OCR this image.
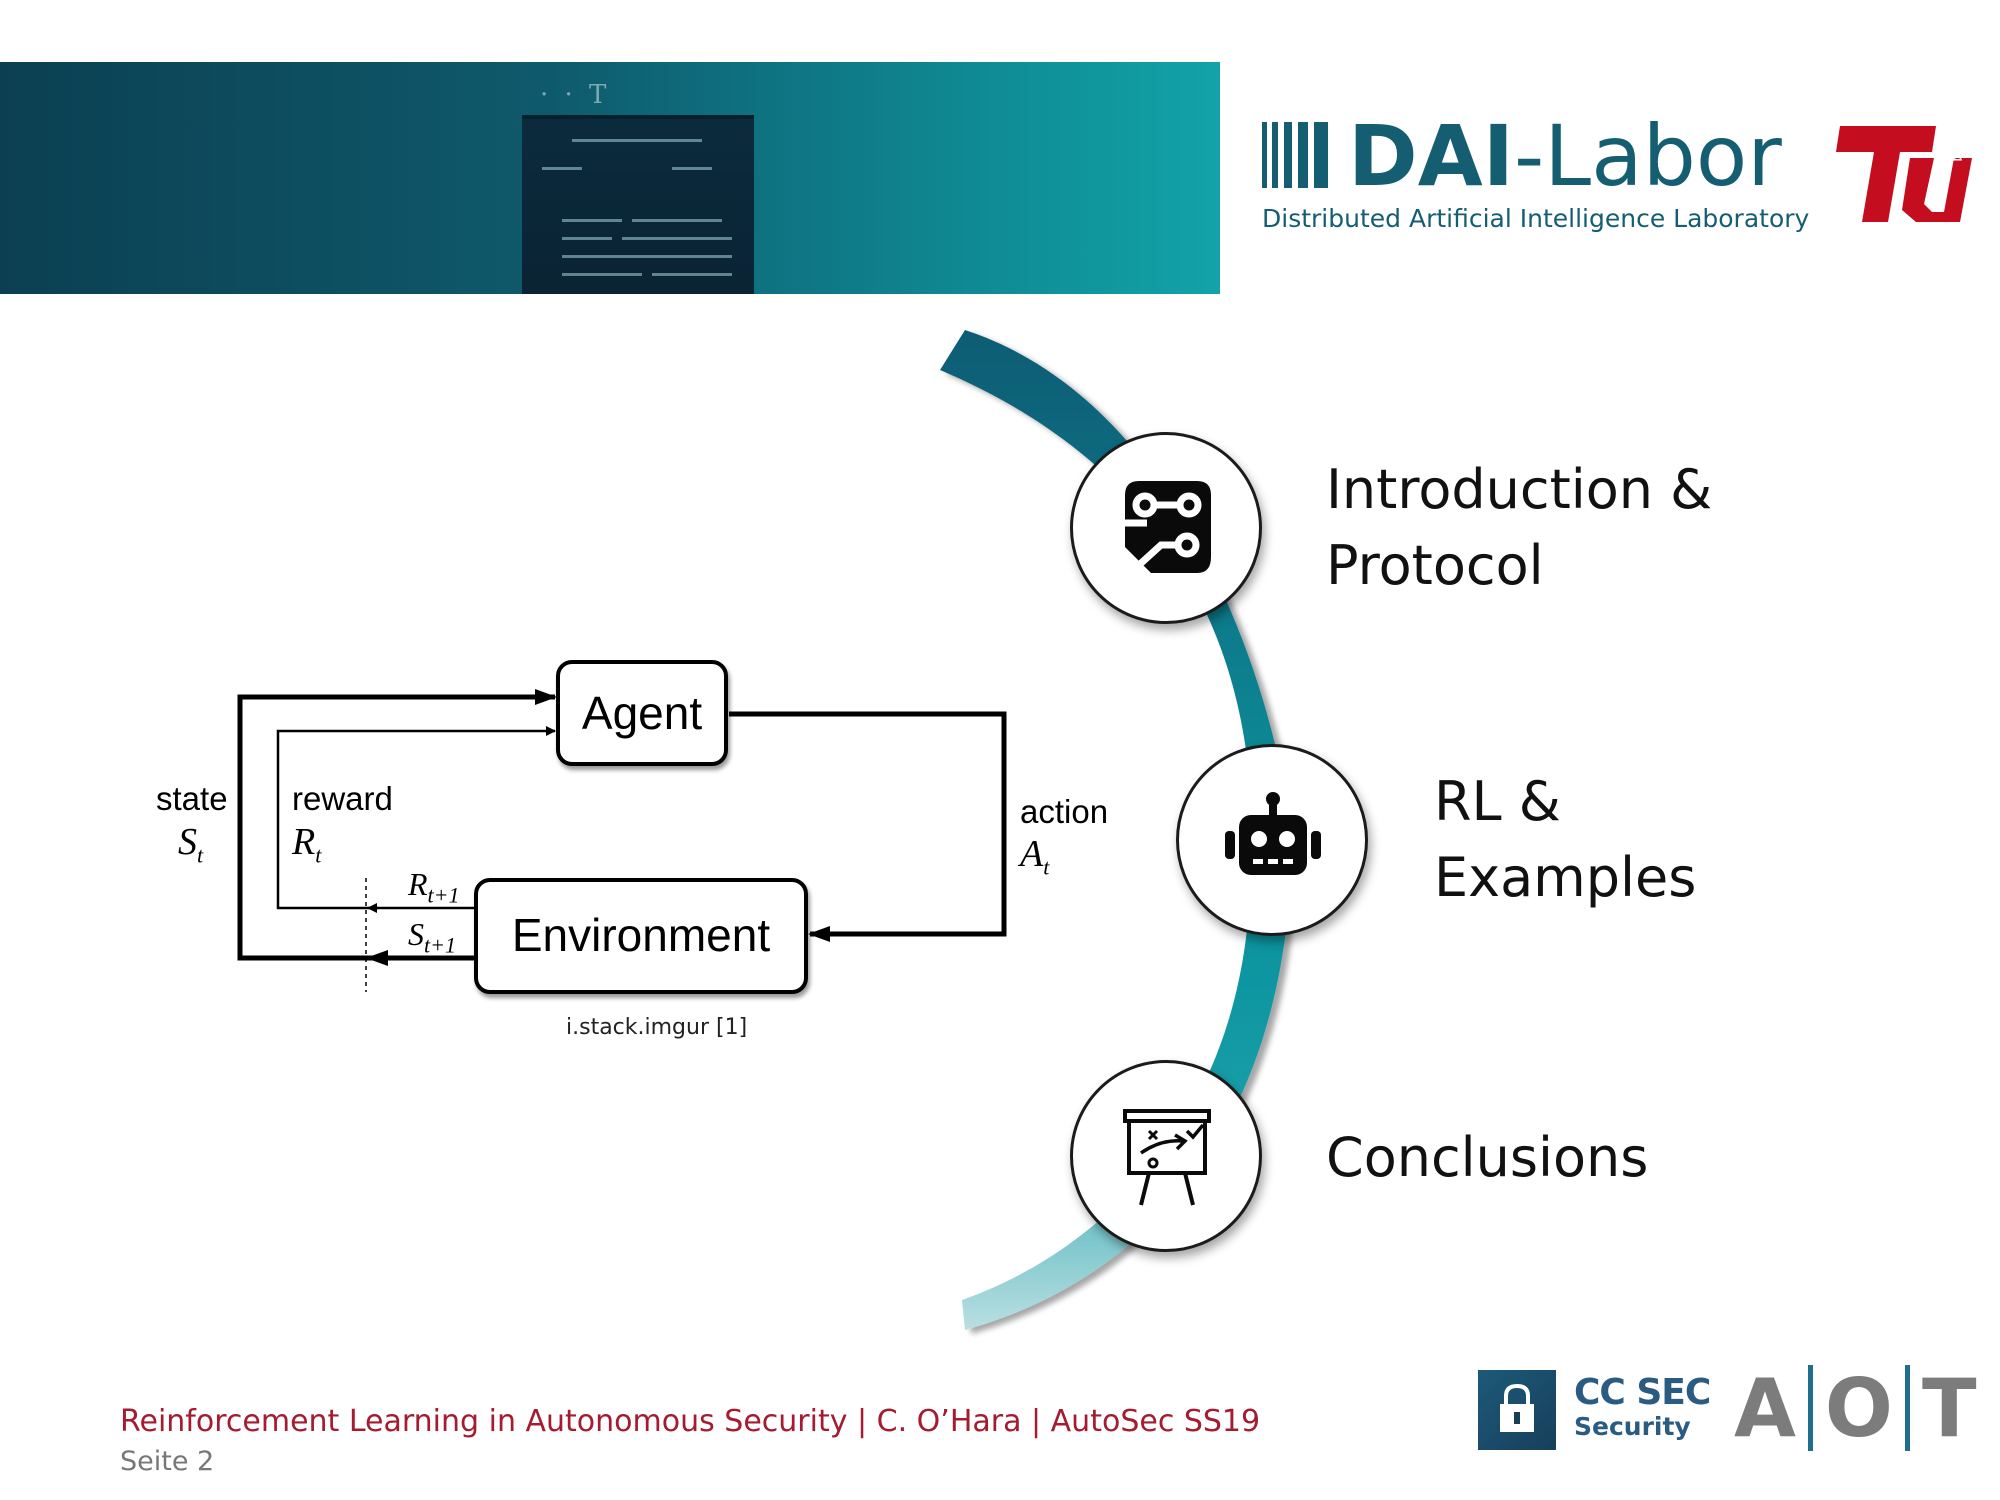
· · T
DAI-Labor
Distributed Artificial Intelligence Laboratory
berlin
Agent
Environment
state
$S_t$
reward
$R_t$
action
$A_t$
$R_{t+1}$
$S_{t+1}$
i.stack.imgur [1]
Introduction &
Protocol
RL &
Examples
Conclusions
Reinforcement Learning in Autonomous Security | C. O’Hara | AutoSec SS19
Seite 2
CC SEC
Security A O T
